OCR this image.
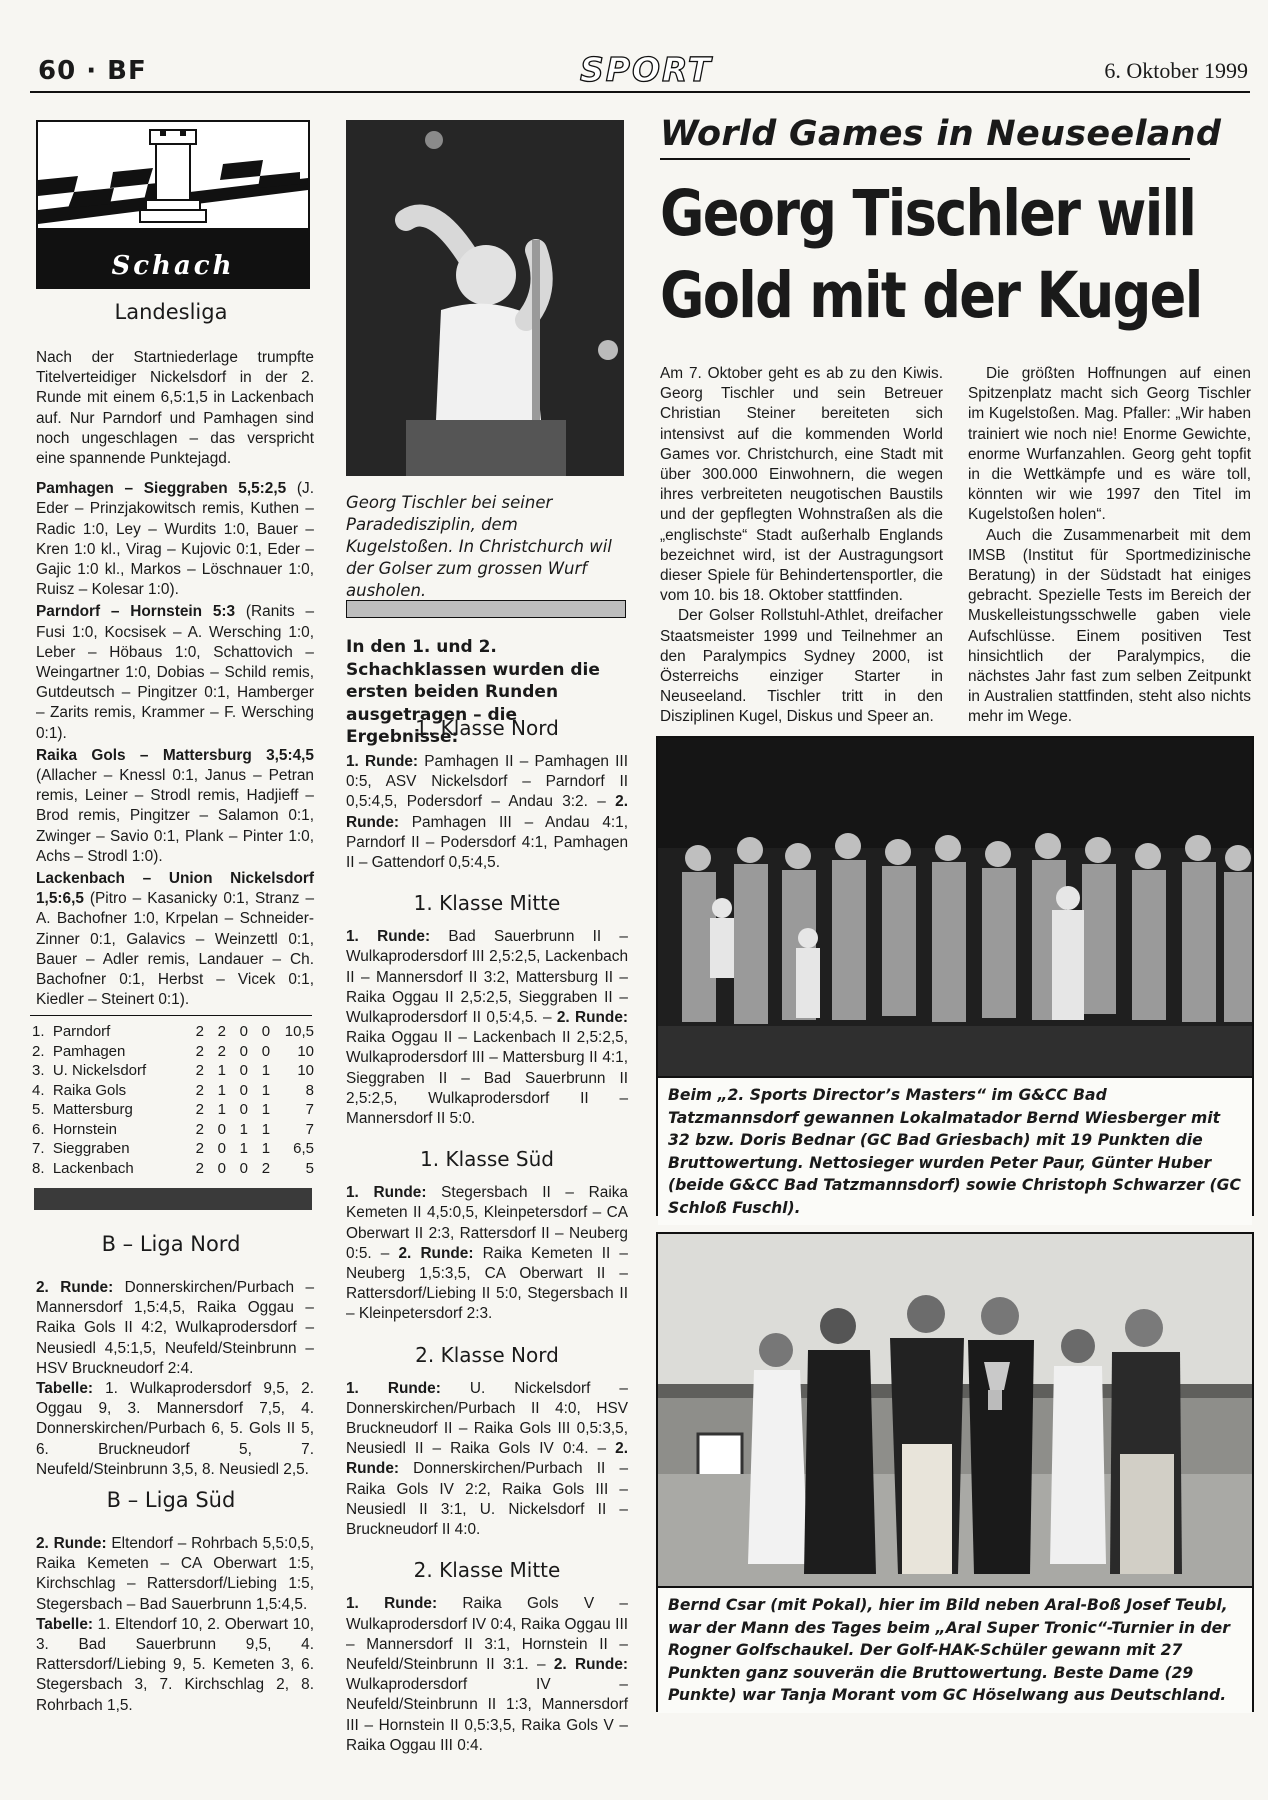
60 · BF	SPORT	6. Oktober 1999
Schach
Landesliga

Nach der Startniederlage trumpfte Titelverteidiger Nickelsdorf in der 2. Runde mit einem 6,5:1,5 in Lackenbach auf. Nur Parndorf und Pamhagen sind noch ungeschlagen – das verspricht eine spannende Punktejagd.

Pamhagen – Sieggraben 5,5:2,5 (J. Eder – Prinzjakowitsch remis, Kuthen – Radic 1:0, Ley – Wurdits 1:0, Bauer – Kren 1:0 kl., Virag – Kujovic 0:1, Eder – Gajic 1:0 kl., Markos – Löschnauer 1:0, Ruisz – Kolesar 1:0).

Parndorf – Hornstein 5:3 (Ranits – Fusi 1:0, Kocsisek – A. Wersching 1:0, Leber – Höbaus 1:0, Schattovich – Weingartner 1:0, Dobias – Schild remis, Gutdeutsch – Pingitzer 0:1, Hamberger – Zarits remis, Krammer – F. Wersching 0:1).

Raika Gols – Mattersburg 3,5:4,5 (Allacher – Knessl 0:1, Janus – Petran remis, Leiner – Strodl remis, Hadjieff – Brod remis, Pingitzer – Salamon 0:1, Zwinger – Savio 0:1, Plank – Pinter 1:0, Achs – Strodl 1:0).

Lackenbach – Union Nickelsdorf 1,5:6,5 (Pitro – Kasanicky 0:1, Stranz – A. Bachofner 1:0, Krpelan – Schneider-Zinner 0:1, Galavics – Weinzettl 0:1, Bauer – Adler remis, Landauer – Ch. Bachofner 0:1, Herbst – Vicek 0:1, Kiedler – Steinert 0:1).

1.	Parndorf	2	2	0	0	10,5
2.	Pamhagen	2	2	0	0	10
3.	U. Nickelsdorf	2	1	0	1	10
4.	Raika Gols	2	1	0	1	8
5.	Mattersburg	2	1	0	1	7
6.	Hornstein	2	0	1	1	7
7.	Sieggraben	2	0	1	1	6,5
8.	Lackenbach	2	0	0	2	5
B – Liga Nord

2. Runde: Donnerskirchen/Purbach – Mannersdorf 1,5:4,5, Raika Oggau – Raika Gols II 4:2, Wulkaprodersdorf – Neusiedl 4,5:1,5, Neufeld/Steinbrunn – HSV Bruckneudorf 2:4.

Tabelle: 1. Wulkaprodersdorf 9,5, 2. Oggau 9, 3. Mannersdorf 7,5, 4. Donnerskirchen/Purbach 6, 5. Gols II 5, 6. Bruckneudorf 5, 7. Neufeld/Steinbrunn 3,5, 8. Neusiedl 2,5.

B – Liga Süd

2. Runde: Eltendorf – Rohrbach 5,5:0,5, Raika Kemeten – CA Oberwart 1:5, Kirchschlag – Rattersdorf/Liebing 1:5, Stegersbach – Bad Sauerbrunn 1,5:4,5.

Tabelle: 1. Eltendorf 10, 2. Oberwart 10, 3. Bad Sauerbrunn 9,5, 4. Rattersdorf/Liebing 9, 5. Kemeten 3, 6. Stegersbach 3, 7. Kirchschlag 2, 8. Rohrbach 1,5.

Georg Tischler bei seiner Paradedisziplin, dem Kugelstoßen. In Christchurch wil der Golser zum grossen Wurf ausholen.
In den 1. und 2. Schachklassen wurden die ersten beiden Runden ausgetragen – die Ergebnisse:
1. Klasse Nord
1. Runde: Pamhagen II – Pamhagen III 0:5, ASV Nickelsdorf – Parndorf II 0,5:4,5, Podersdorf – Andau 3:2. – 2. Runde: Pamhagen III – Andau 4:1, Parndorf II – Podersdorf 4:1, Pamhagen II – Gattendorf 0,5:4,5.
1. Klasse Mitte
1. Runde: Bad Sauerbrunn II – Wulkaprodersdorf III 2,5:2,5, Lackenbach II – Mannersdorf II 3:2, Mattersburg II – Raika Oggau II 2,5:2,5, Sieggraben II – Wulkaprodersdorf II 0,5:4,5. – 2. Runde: Raika Oggau II – Lackenbach II 2,5:2,5, Wulkaprodersdorf III – Mattersburg II 4:1, Sieggraben II – Bad Sauerbrunn II 2,5:2,5, Wulkaprodersdorf II – Mannersdorf II 5:0.
1. Klasse Süd
1. Runde: Stegersbach II – Raika Kemeten II 4,5:0,5, Kleinpetersdorf – CA Oberwart II 2:3, Rattersdorf II – Neuberg 0:5. – 2. Runde: Raika Kemeten II – Neuberg 1,5:3,5, CA Oberwart II – Rattersdorf/Liebing II 5:0, Stegersbach II – Kleinpetersdorf 2:3.
2. Klasse Nord
1. Runde: U. Nickelsdorf – Donnerskirchen/Purbach II 4:0, HSV Bruckneudorf II – Raika Gols III 0,5:3,5, Neusiedl II – Raika Gols IV 0:4. – 2. Runde: Donnerskirchen/Purbach II – Raika Gols IV 2:2, Raika Gols III – Neusiedl II 3:1, U. Nickelsdorf II – Bruckneudorf II 4:0.
2. Klasse Mitte
1. Runde: Raika Gols V – Wulkaprodersdorf IV 0:4, Raika Oggau III – Mannersdorf II 3:1, Hornstein II – Neufeld/Steinbrunn II 3:1. – 2. Runde: Wulkaprodersdorf IV – Neufeld/Steinbrunn II 1:3, Mannersdorf III – Hornstein II 0,5:3,5, Raika Gols V – Raika Oggau III 0:4.
World Games in Neuseeland
Georg Tischler will
Gold mit der Kugel

Am 7. Oktober geht es ab zu den Kiwis. Georg Tischler und sein Betreuer Christian Steiner bereiteten sich intensivst auf die kommenden World Games vor. Christchurch, eine Stadt mit über 300.000 Einwohnern, die wegen ihres verbreiteten neugotischen Baustils und der gepflegten Wohnstraßen als die „englischste“ Stadt außerhalb Englands bezeichnet wird, ist der Austragungsort dieser Spiele für Behindertensportler, die vom 10. bis 18. Oktober stattfinden.

Der Golser Rollstuhl-Athlet, dreifacher Staatsmeister 1999 und Teilnehmer an den Paralympics Sydney 2000, ist Österreichs einziger Starter in Neuseeland. Tischler tritt in den Disziplinen Kugel, Diskus und Speer an.

Die größten Hoffnungen auf einen Spitzenplatz macht sich Georg Tischler im Kugelstoßen. Mag. Pfaller: „Wir haben trainiert wie noch nie! Enorme Gewichte, enorme Wurfanzahlen. Georg geht topfit in die Wettkämpfe und es wäre toll, könnten wir wie 1997 den Titel im Kugelstoßen holen“.

Auch die Zusammenarbeit mit dem IMSB (Institut für Sportmedizinische Beratung) in der Südstadt hat einiges gebracht. Spezielle Tests im Bereich der Muskelleistungsschwelle gaben viele Aufschlüsse. Einem positiven Test hinsichtlich der Paralympics, die nächstes Jahr fast zum selben Zeitpunkt in Australien stattfinden, steht also nichts mehr im Wege.

Beim „2. Sports Director’s Masters“ im G&CC Bad Tatzmannsdorf gewannen Lokalmatador Bernd Wiesberger mit 32 bzw. Doris Bednar (GC Bad Griesbach) mit 19 Punkten die Bruttowertung. Nettosieger wurden Peter Paur, Günter Huber (beide G&CC Bad Tatzmannsdorf) sowie Christoph Schwarzer (GC Schloß Fuschl).
Bernd Csar (mit Pokal), hier im Bild neben Aral-Boß Josef Teubl, war der Mann des Tages beim „Aral Super Tronic“-Turnier in der Rogner Golfschaukel. Der Golf-HAK-Schüler gewann mit 27 Punkten ganz souverän die Bruttowertung. Beste Dame (29 Punkte) war Tanja Morant vom GC Höselwang aus Deutschland.
